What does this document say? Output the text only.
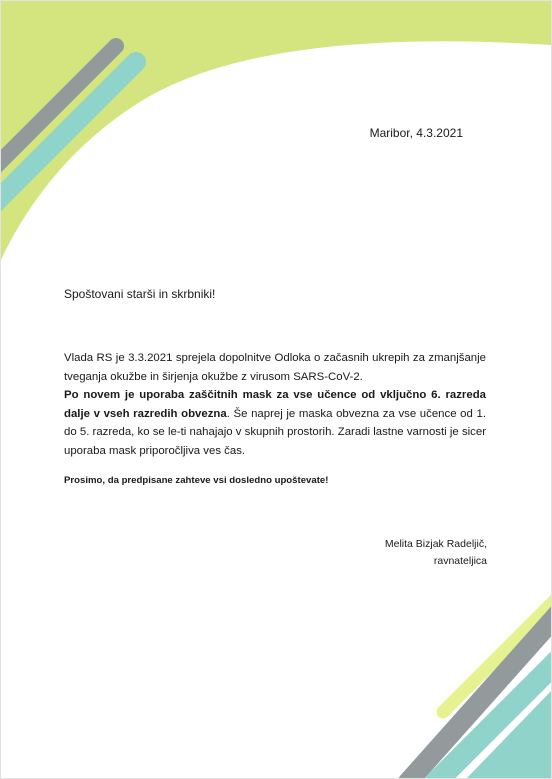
Maribor, 4.3.2021
Spoštovani starši in skrbniki!

Vlada RS je 3.3.2021 sprejela dopolnitve Odloka o začasnih ukrepih za zmanjšanje tveganja okužbe in širjenja okužbe z virusom SARS-CoV-2.

Po novem je uporaba zaščitnih mask za vse učence od vključno 6. razreda dalje v vseh razredih obvezna. Še naprej je maska obvezna za vse učence od 1. do 5. razreda, ko se le-ti nahajajo v skupnih prostorih. Zaradi lastne varnosti je sicer uporaba mask priporočljiva ves čas.

Prosimo, da predpisane zahteve vsi dosledno upoštevate!
Melita Bizjak Radeljič,
ravnateljica
